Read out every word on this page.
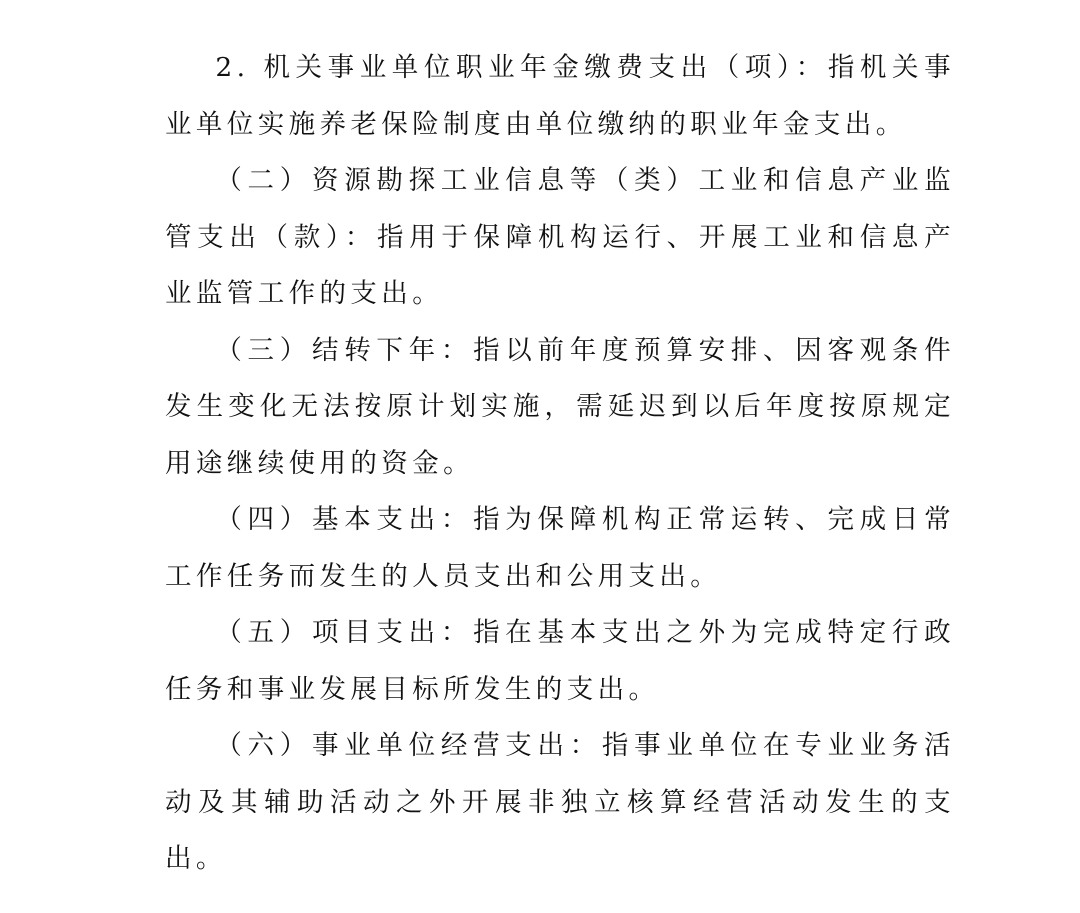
2. 机关事业单位职业年金缴费支出（项）：指机关事业单位实施养老保险制度由单位缴纳的职业年金支出。

（二）资源勘探工业信息等（类）工业和信息产业监管支出（款）：指用于保障机构运行、开展工业和信息产业监管工作的支出。

（三）结转下年：指以前年度预算安排、因客观条件发生变化无法按原计划实施，需延迟到以后年度按原规定用途继续使用的资金。

（四）基本支出：指为保障机构正常运转、完成日常工作任务而发生的人员支出和公用支出。

（五）项目支出：指在基本支出之外为完成特定行政任务和事业发展目标所发生的支出。

（六）事业单位经营支出：指事业单位在专业业务活动及其辅助活动之外开展非独立核算经营活动发生的支出。
